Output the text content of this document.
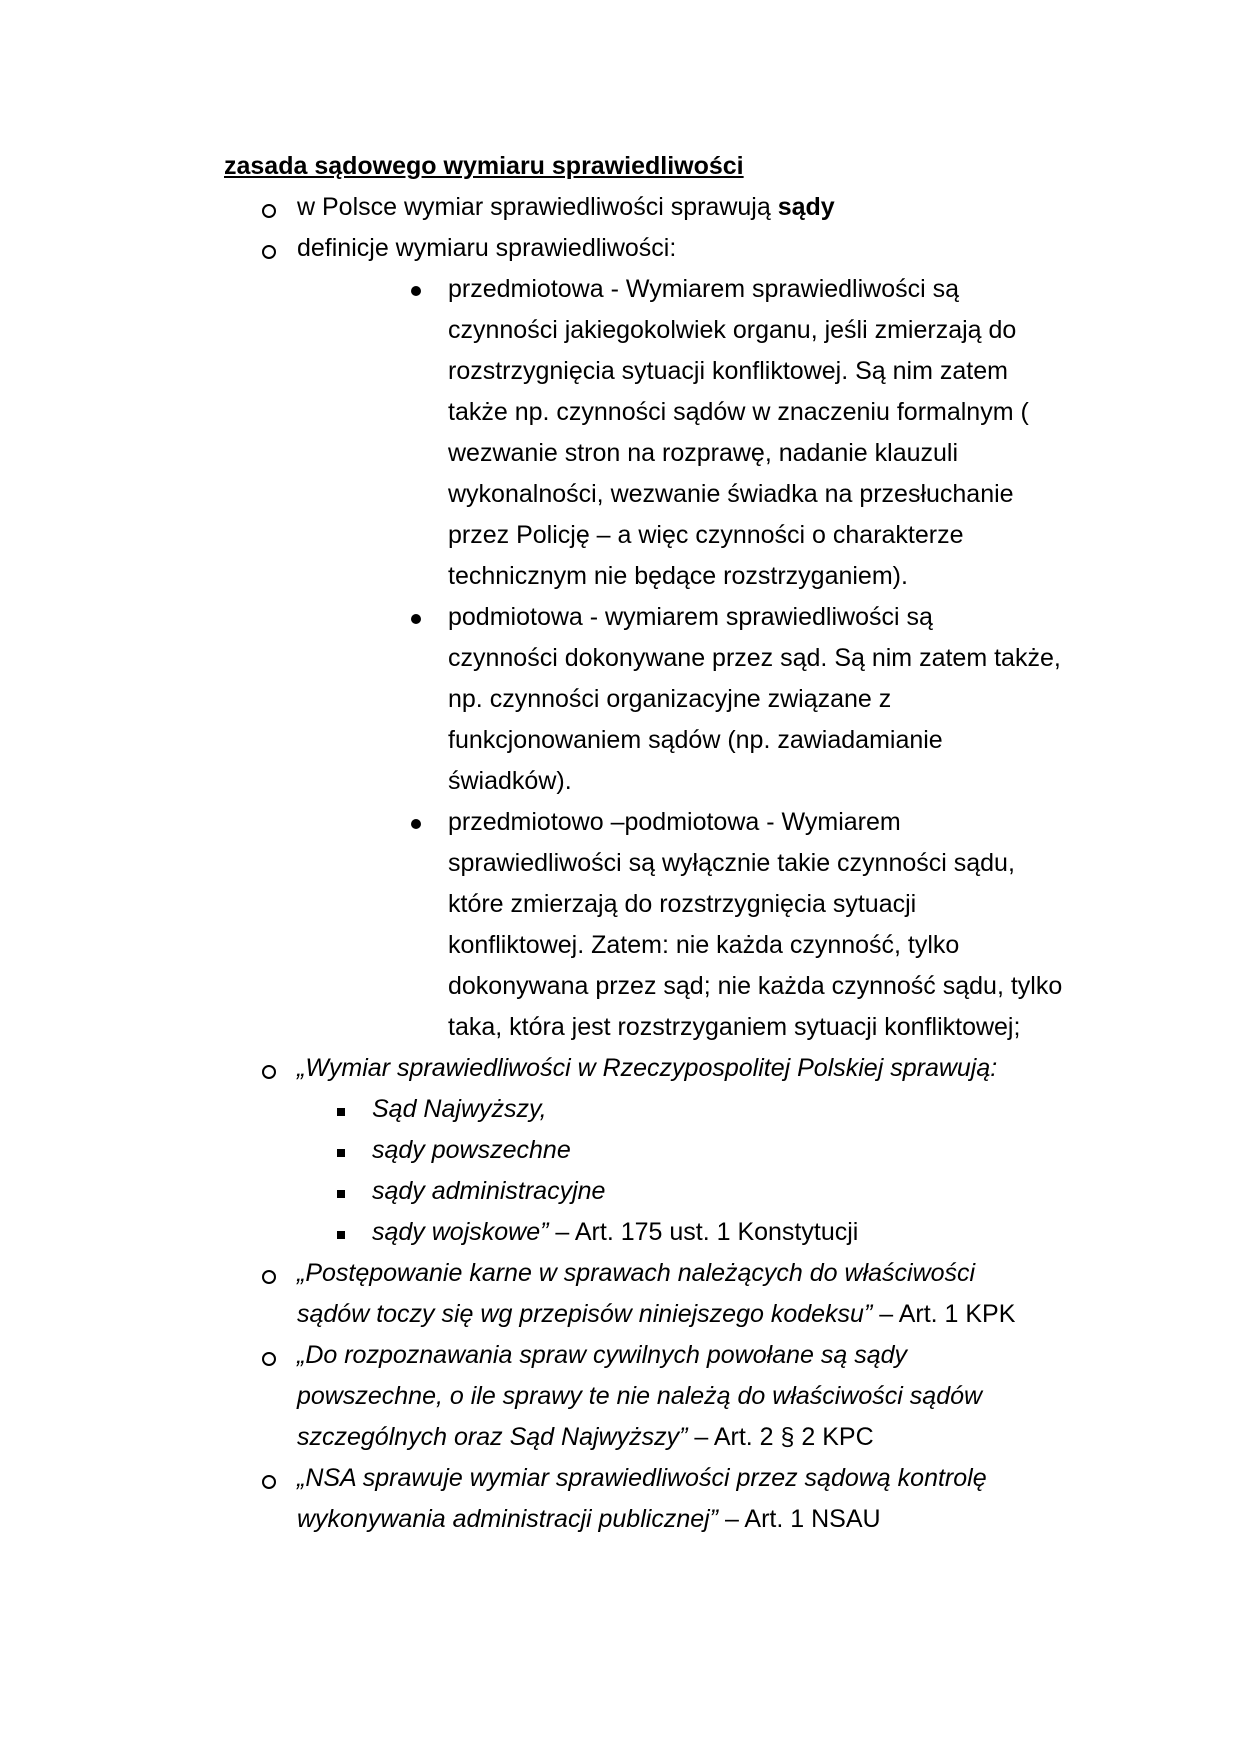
zasada sądowego wymiaru sprawiedliwości
w Polsce wymiar sprawiedliwości sprawują sądy
definicje wymiaru sprawiedliwości:
przedmiotowa - Wymiarem sprawiedliwości są
czynności jakiegokolwiek organu, jeśli zmierzają do
rozstrzygnięcia sytuacji konfliktowej. Są nim zatem
także np. czynności sądów w znaczeniu formalnym (
wezwanie stron na rozprawę, nadanie klauzuli
wykonalności, wezwanie świadka na przesłuchanie
przez Policję – a więc czynności o charakterze
technicznym nie będące rozstrzyganiem).
podmiotowa - wymiarem sprawiedliwości są
czynności dokonywane przez sąd. Są nim zatem także,
np. czynności organizacyjne związane z
funkcjonowaniem sądów (np. zawiadamianie
świadków).
przedmiotowo –podmiotowa - Wymiarem
sprawiedliwości są wyłącznie takie czynności sądu,
które zmierzają do rozstrzygnięcia sytuacji
konfliktowej. Zatem: nie każda czynność, tylko
dokonywana przez sąd; nie każda czynność sądu, tylko
taka, która jest rozstrzyganiem sytuacji konfliktowej;
„Wymiar sprawiedliwości w Rzeczypospolitej Polskiej sprawują:
Sąd Najwyższy,
sądy powszechne
sądy administracyjne
sądy wojskowe” – Art. 175 ust. 1 Konstytucji
„Postępowanie karne w sprawach należących do właściwości
sądów toczy się wg przepisów niniejszego kodeksu” – Art. 1 KPK
„Do rozpoznawania spraw cywilnych powołane są sądy
powszechne, o ile sprawy te nie należą do właściwości sądów
szczególnych oraz Sąd Najwyższy” – Art. 2 § 2 KPC
„NSA sprawuje wymiar sprawiedliwości przez sądową kontrolę
wykonywania administracji publicznej” – Art. 1 NSAU
